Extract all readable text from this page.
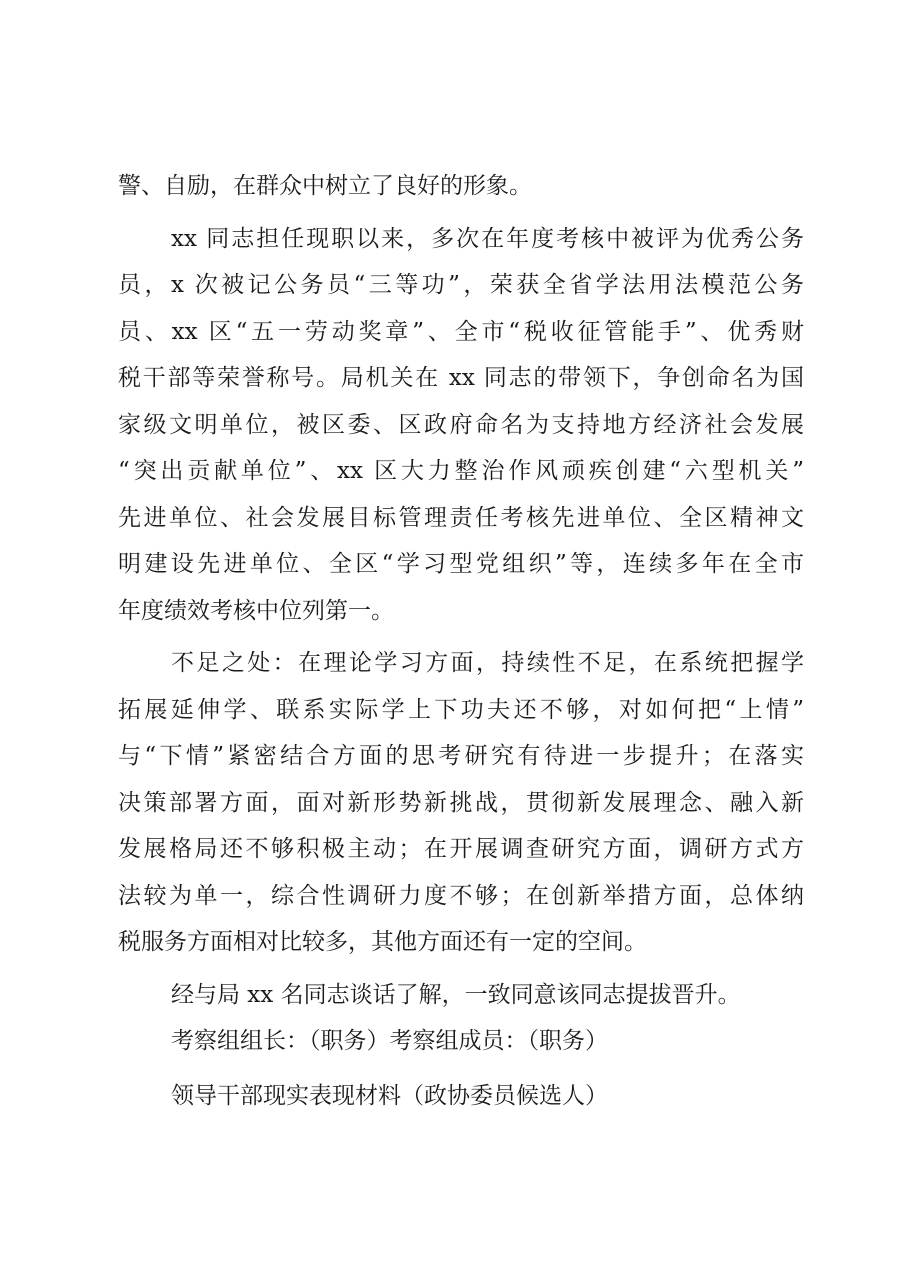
警、自励，在群众中树立了良好的形象。
xx 同志担任现职以来，多次在年度考核中被评为优秀公务
员，x 次被记公务员“三等功”，荣获全省学法用法模范公务
员、xx 区“五一劳动奖章”、全市“税收征管能手”、优秀财
税干部等荣誉称号。局机关在 xx 同志的带领下，争创命名为国
家级文明单位，被区委、区政府命名为支持地方经济社会发展
“突出贡献单位”、xx 区大力整治作风顽疾创建“六型机关”
先进单位、社会发展目标管理责任考核先进单位、全区精神文
明建设先进单位、全区“学习型党组织”等，连续多年在全市
年度绩效考核中位列第一。
不足之处：在理论学习方面，持续性不足，在系统把握学
拓展延伸学、联系实际学上下功夫还不够，对如何把“上情”
与“下情”紧密结合方面的思考研究有待进一步提升；在落实
决策部署方面，面对新形势新挑战，贯彻新发展理念、融入新
发展格局还不够积极主动；在开展调查研究方面，调研方式方
法较为单一，综合性调研力度不够；在创新举措方面，总体纳
税服务方面相对比较多，其他方面还有一定的空间。
经与局 xx 名同志谈话了解，一致同意该同志提拔晋升。
考察组组长：（职务）考察组成员：（职务）
领导干部现实表现材料（政协委员候选人）
